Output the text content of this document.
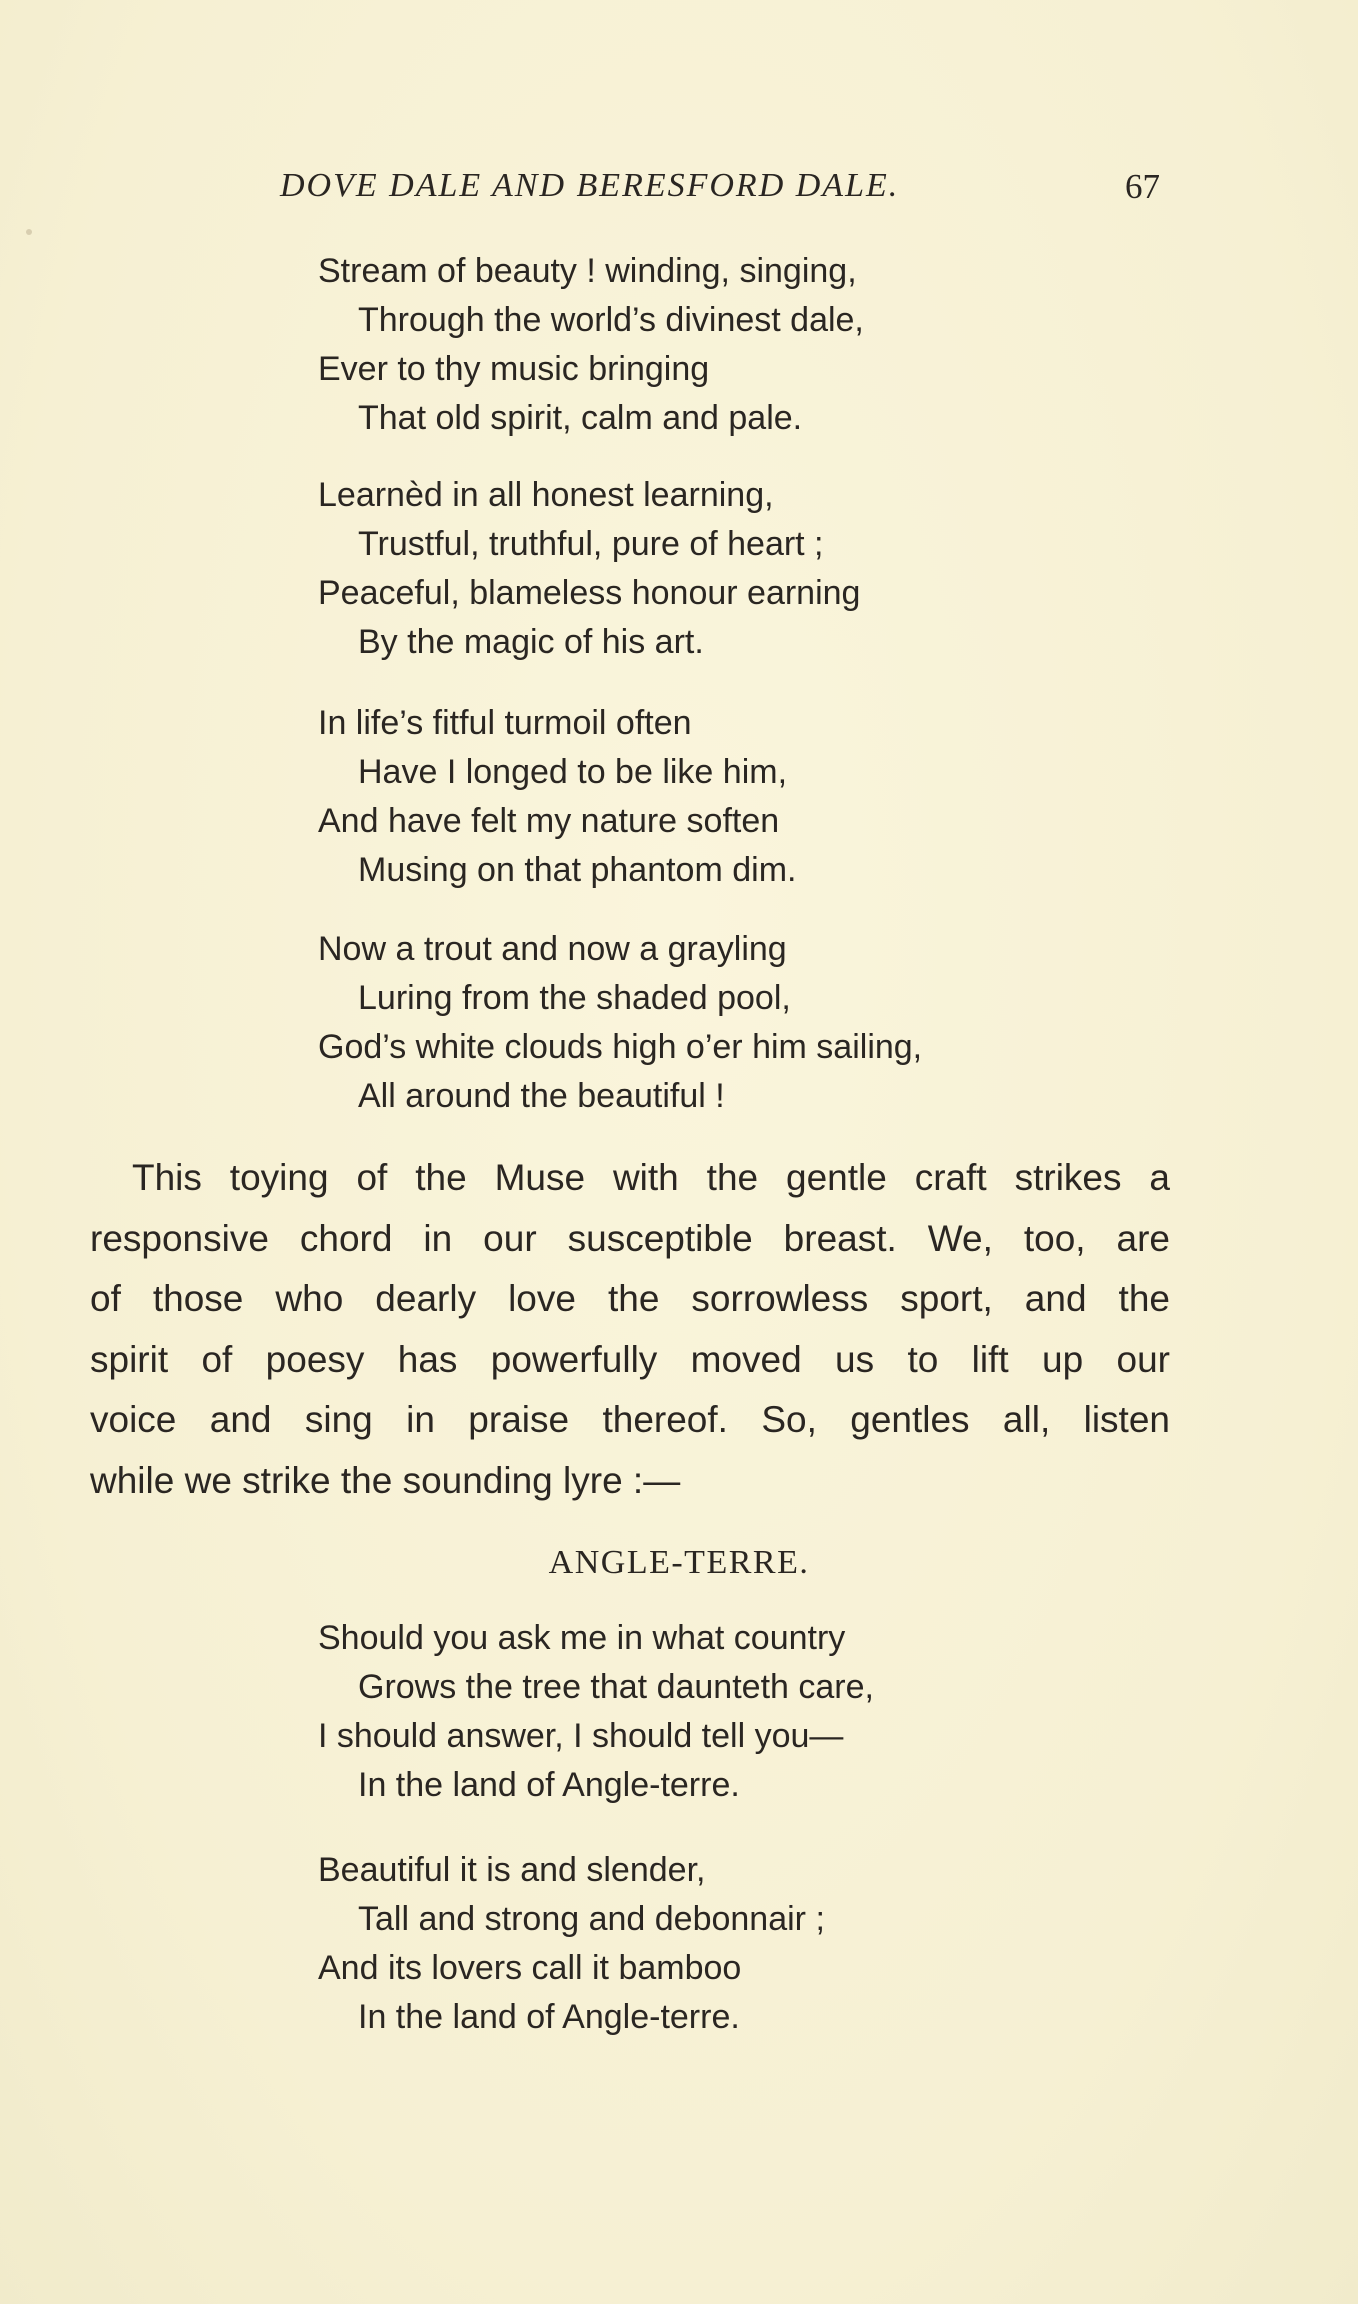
DOVE DALE AND BERESFORD DALE.	67
Stream of beauty ! winding, singing,
Through the world’s divinest dale,
Ever to thy music bringing
That old spirit, calm and pale.
Learnèd in all honest learning,
Trustful, truthful, pure of heart ;
Peaceful, blameless honour earning
By the magic of his art.
In life’s fitful turmoil often
Have I longed to be like him,
And have felt my nature soften
Musing on that phantom dim.
Now a trout and now a grayling
Luring from the shaded pool,
God’s white clouds high o’er him sailing,
All around the beautiful !
This toying of the Muse with the gentle craft strikes a
responsive chord in our susceptible breast. We, too, are
of those who dearly love the sorrowless sport, and the
spirit of poesy has powerfully moved us to lift up our
voice and sing in praise thereof. So, gentles all, listen
while we strike the sounding lyre :—
ANGLE-TERRE.
Should you ask me in what country
Grows the tree that daunteth care,
I should answer, I should tell you—
In the land of Angle-terre.
Beautiful it is and slender,
Tall and strong and debonnair ;
And its lovers call it bamboo
In the land of Angle-terre.
